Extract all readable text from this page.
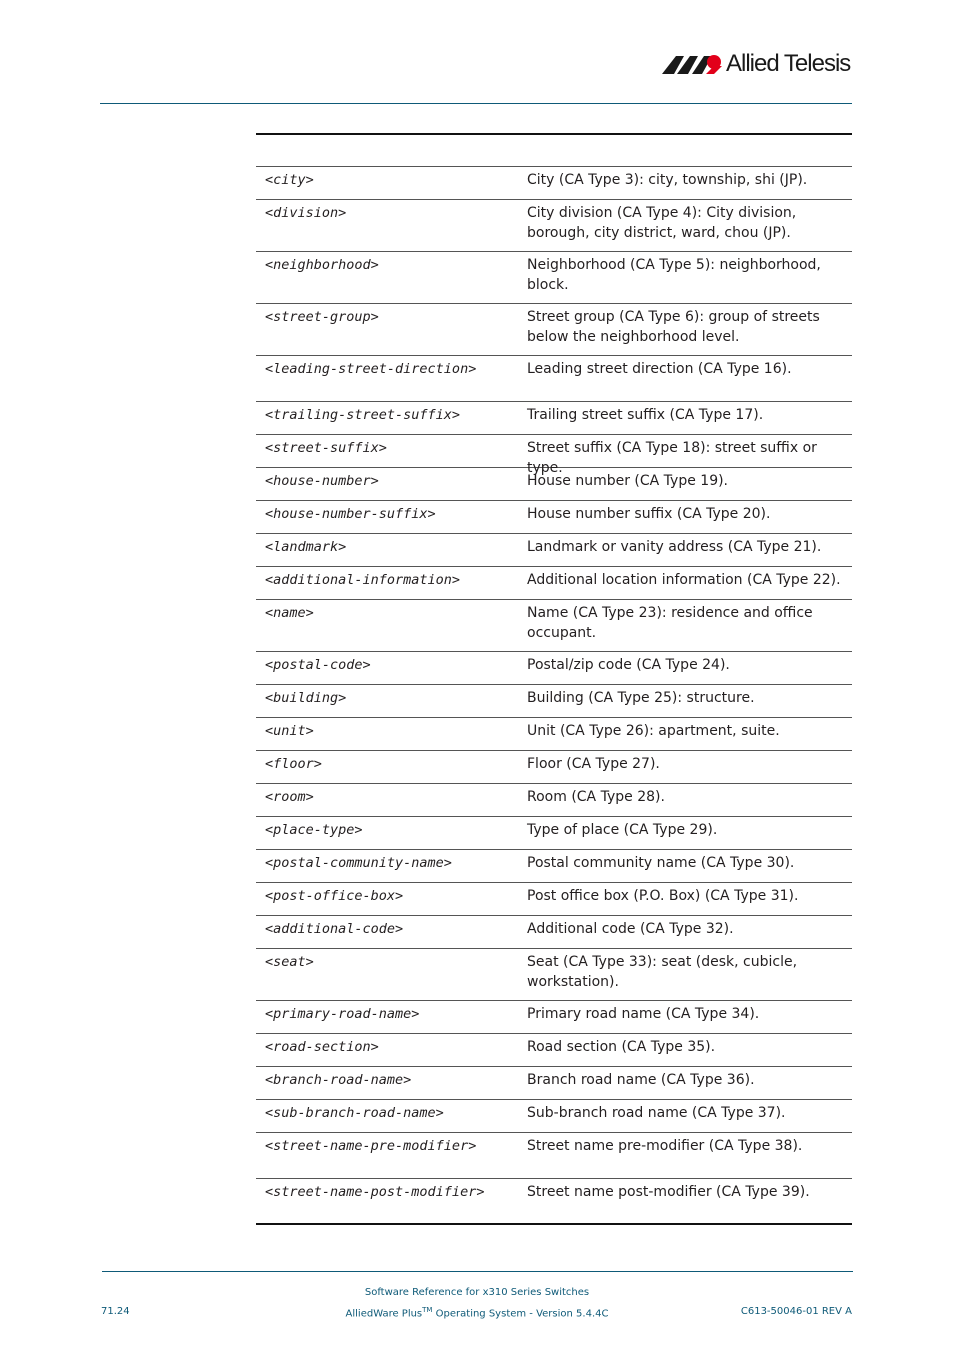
Allied Telesis
<city>	City (CA Type 3): city, township, shi (JP).
<division>	City division (CA Type 4): City division, borough, city district, ward, chou (JP).
<neighborhood>	Neighborhood (CA Type 5): neighborhood, block.
<street-group>	Street group (CA Type 6): group of streets below the neighborhood level.
<leading-street-direction>	Leading street direction (CA Type 16).
<trailing-street-suffix>	Trailing street suffix (CA Type 17).
<street-suffix>	Street suffix (CA Type 18): street suffix or type.
<house-number>	House number (CA Type 19).
<house-number-suffix>	House number suffix (CA Type 20).
<landmark>	Landmark or vanity address (CA Type 21).
<additional-information>	Additional location information (CA Type 22).
<name>	Name (CA Type 23): residence and office occupant.
<postal-code>	Postal/zip code (CA Type 24).
<building>	Building (CA Type 25): structure.
<unit>	Unit (CA Type 26): apartment, suite.
<floor>	Floor (CA Type 27).
<room>	Room (CA Type 28).
<place-type>	Type of place (CA Type 29).
<postal-community-name>	Postal community name (CA Type 30).
<post-office-box>	Post office box (P.O. Box) (CA Type 31).
<additional-code>	Additional code (CA Type 32).
<seat>	Seat (CA Type 33): seat (desk, cubicle, workstation).
<primary-road-name>	Primary road name (CA Type 34).
<road-section>	Road section (CA Type 35).
<branch-road-name>	Branch road name (CA Type 36).
<sub-branch-road-name>	Sub-branch road name (CA Type 37).
<street-name-pre-modifier>	Street name pre-modifier (CA Type 38).
<street-name-post-modifier>	Street name post-modifier (CA Type 39).
Software Reference for x310 Series Switches
AlliedWare Plus™ Operating System - Version 5.4.4C
71.24	C613-50046-01 REV A
